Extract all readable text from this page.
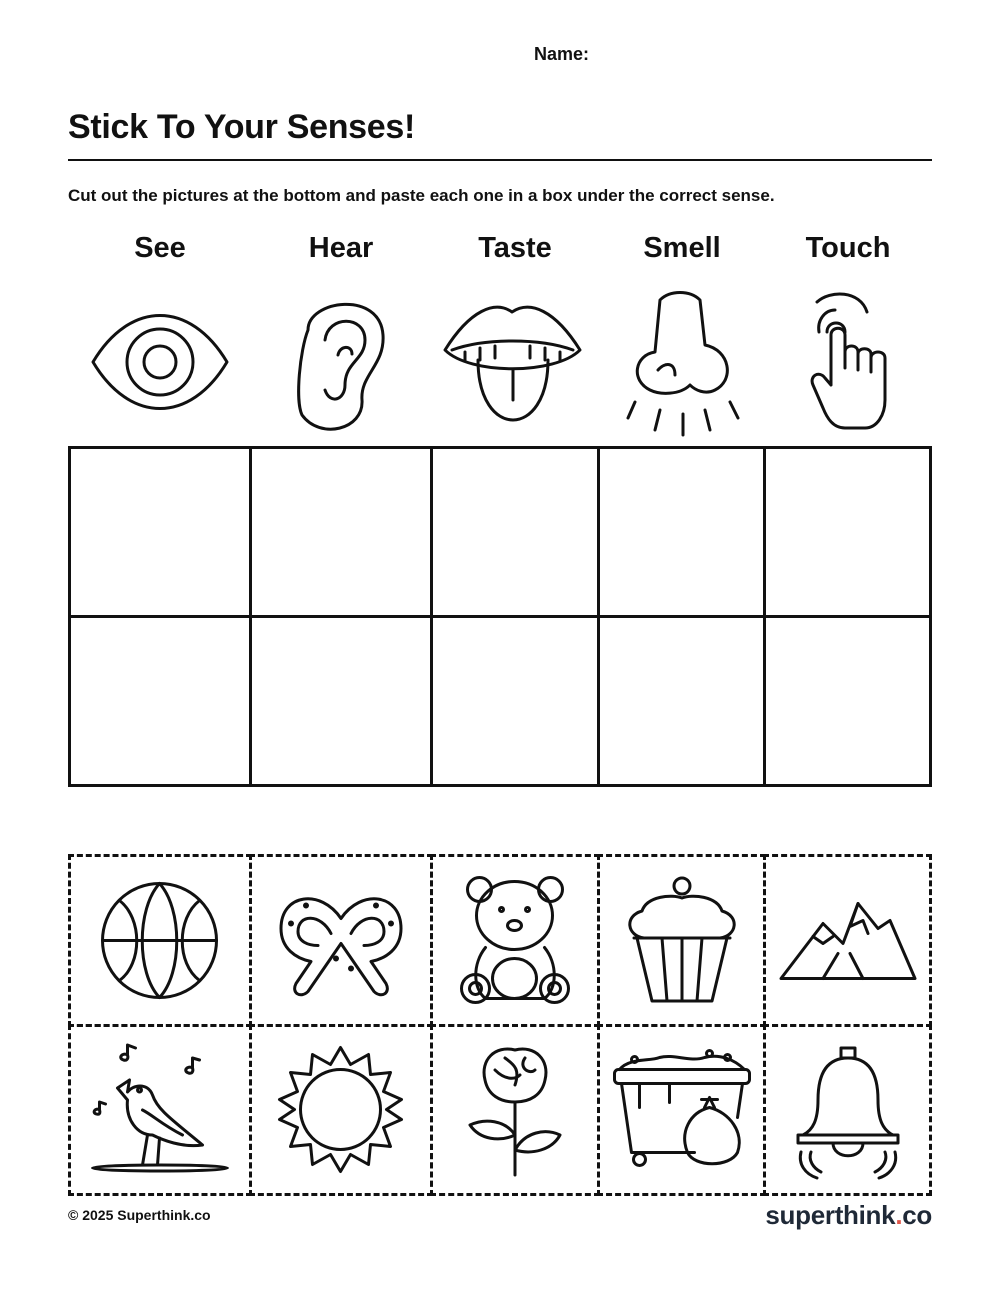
Name:
Stick To Your Senses!
Cut out the pictures at the bottom and paste each one in a box under the correct sense.
See	Hear	Taste	Smell	Touch
© 2025 Superthink.co	superthink.co
